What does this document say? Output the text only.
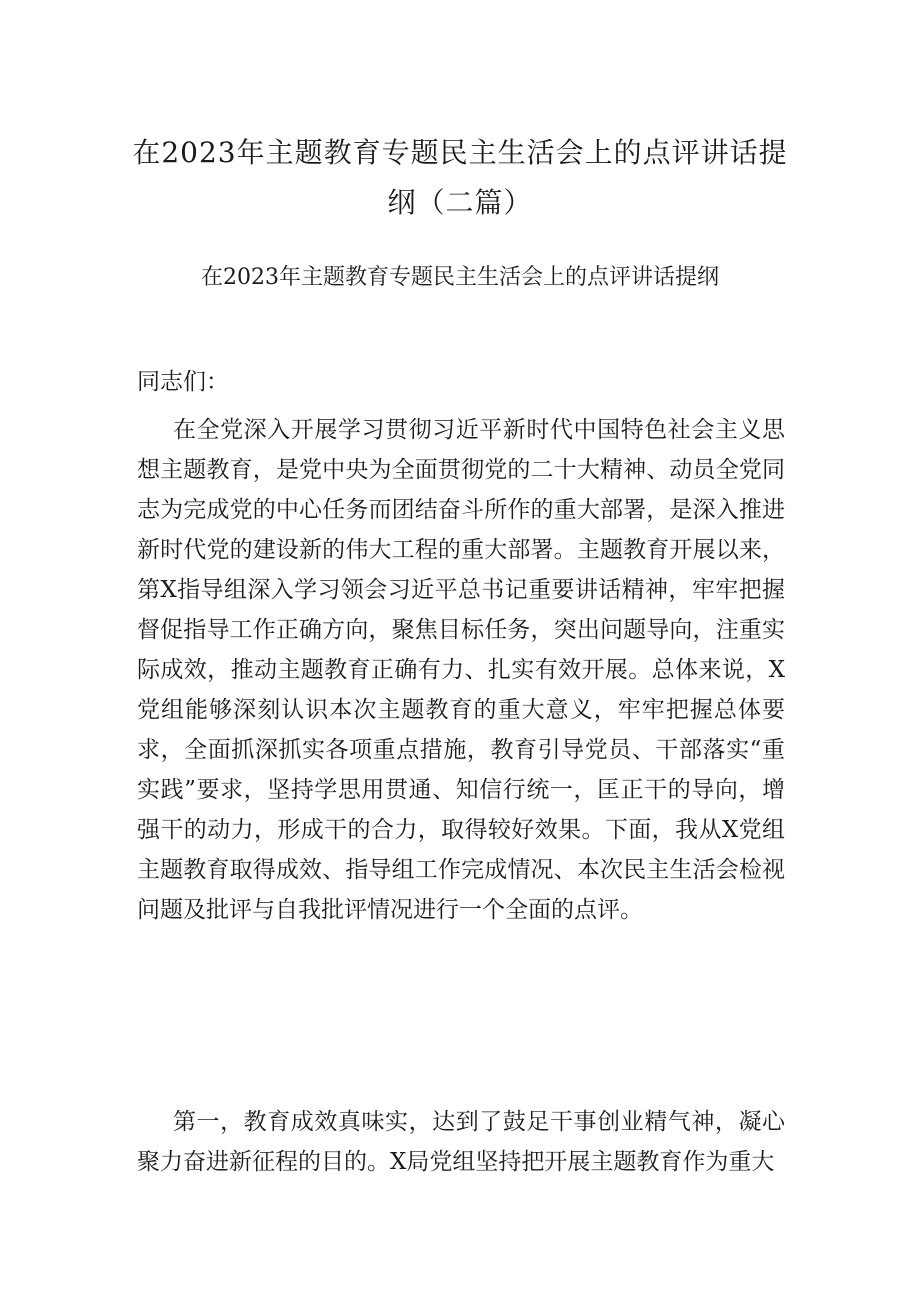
在2023年主题教育专题民主生活会上的点评讲话提纲（二篇）
在2023年主题教育专题民主生活会上的点评讲话提纲

同志们：

在全党深入开展学习贯彻习近平新时代中国特色社会主义思想主题教育，是党中央为全面贯彻党的二十大精神、动员全党同志为完成党的中心任务而团结奋斗所作的重大部署，是深入推进新时代党的建设新的伟大工程的重大部署。主题教育开展以来，第X指导组深入学习领会习近平总书记重要讲话精神，牢牢把握督促指导工作正确方向，聚焦目标任务，突出问题导向，注重实际成效，推动主题教育正确有力、扎实有效开展。总体来说，X党组能够深刻认识本次主题教育的重大意义，牢牢把握总体要求，全面抓深抓实各项重点措施，教育引导党员、干部落实“重实践”要求，坚持学思用贯通、知信行统一，匡正干的导向，增强干的动力，形成干的合力，取得较好效果。下面，我从X党组主题教育取得成效、指导组工作完成情况、本次民主生活会检视问题及批评与自我批评情况进行一个全面的点评。

第一，教育成效真味实，达到了鼓足干事创业精气神，凝心聚力奋进新征程的目的。X局党组坚持把开展主题教育作为重大
